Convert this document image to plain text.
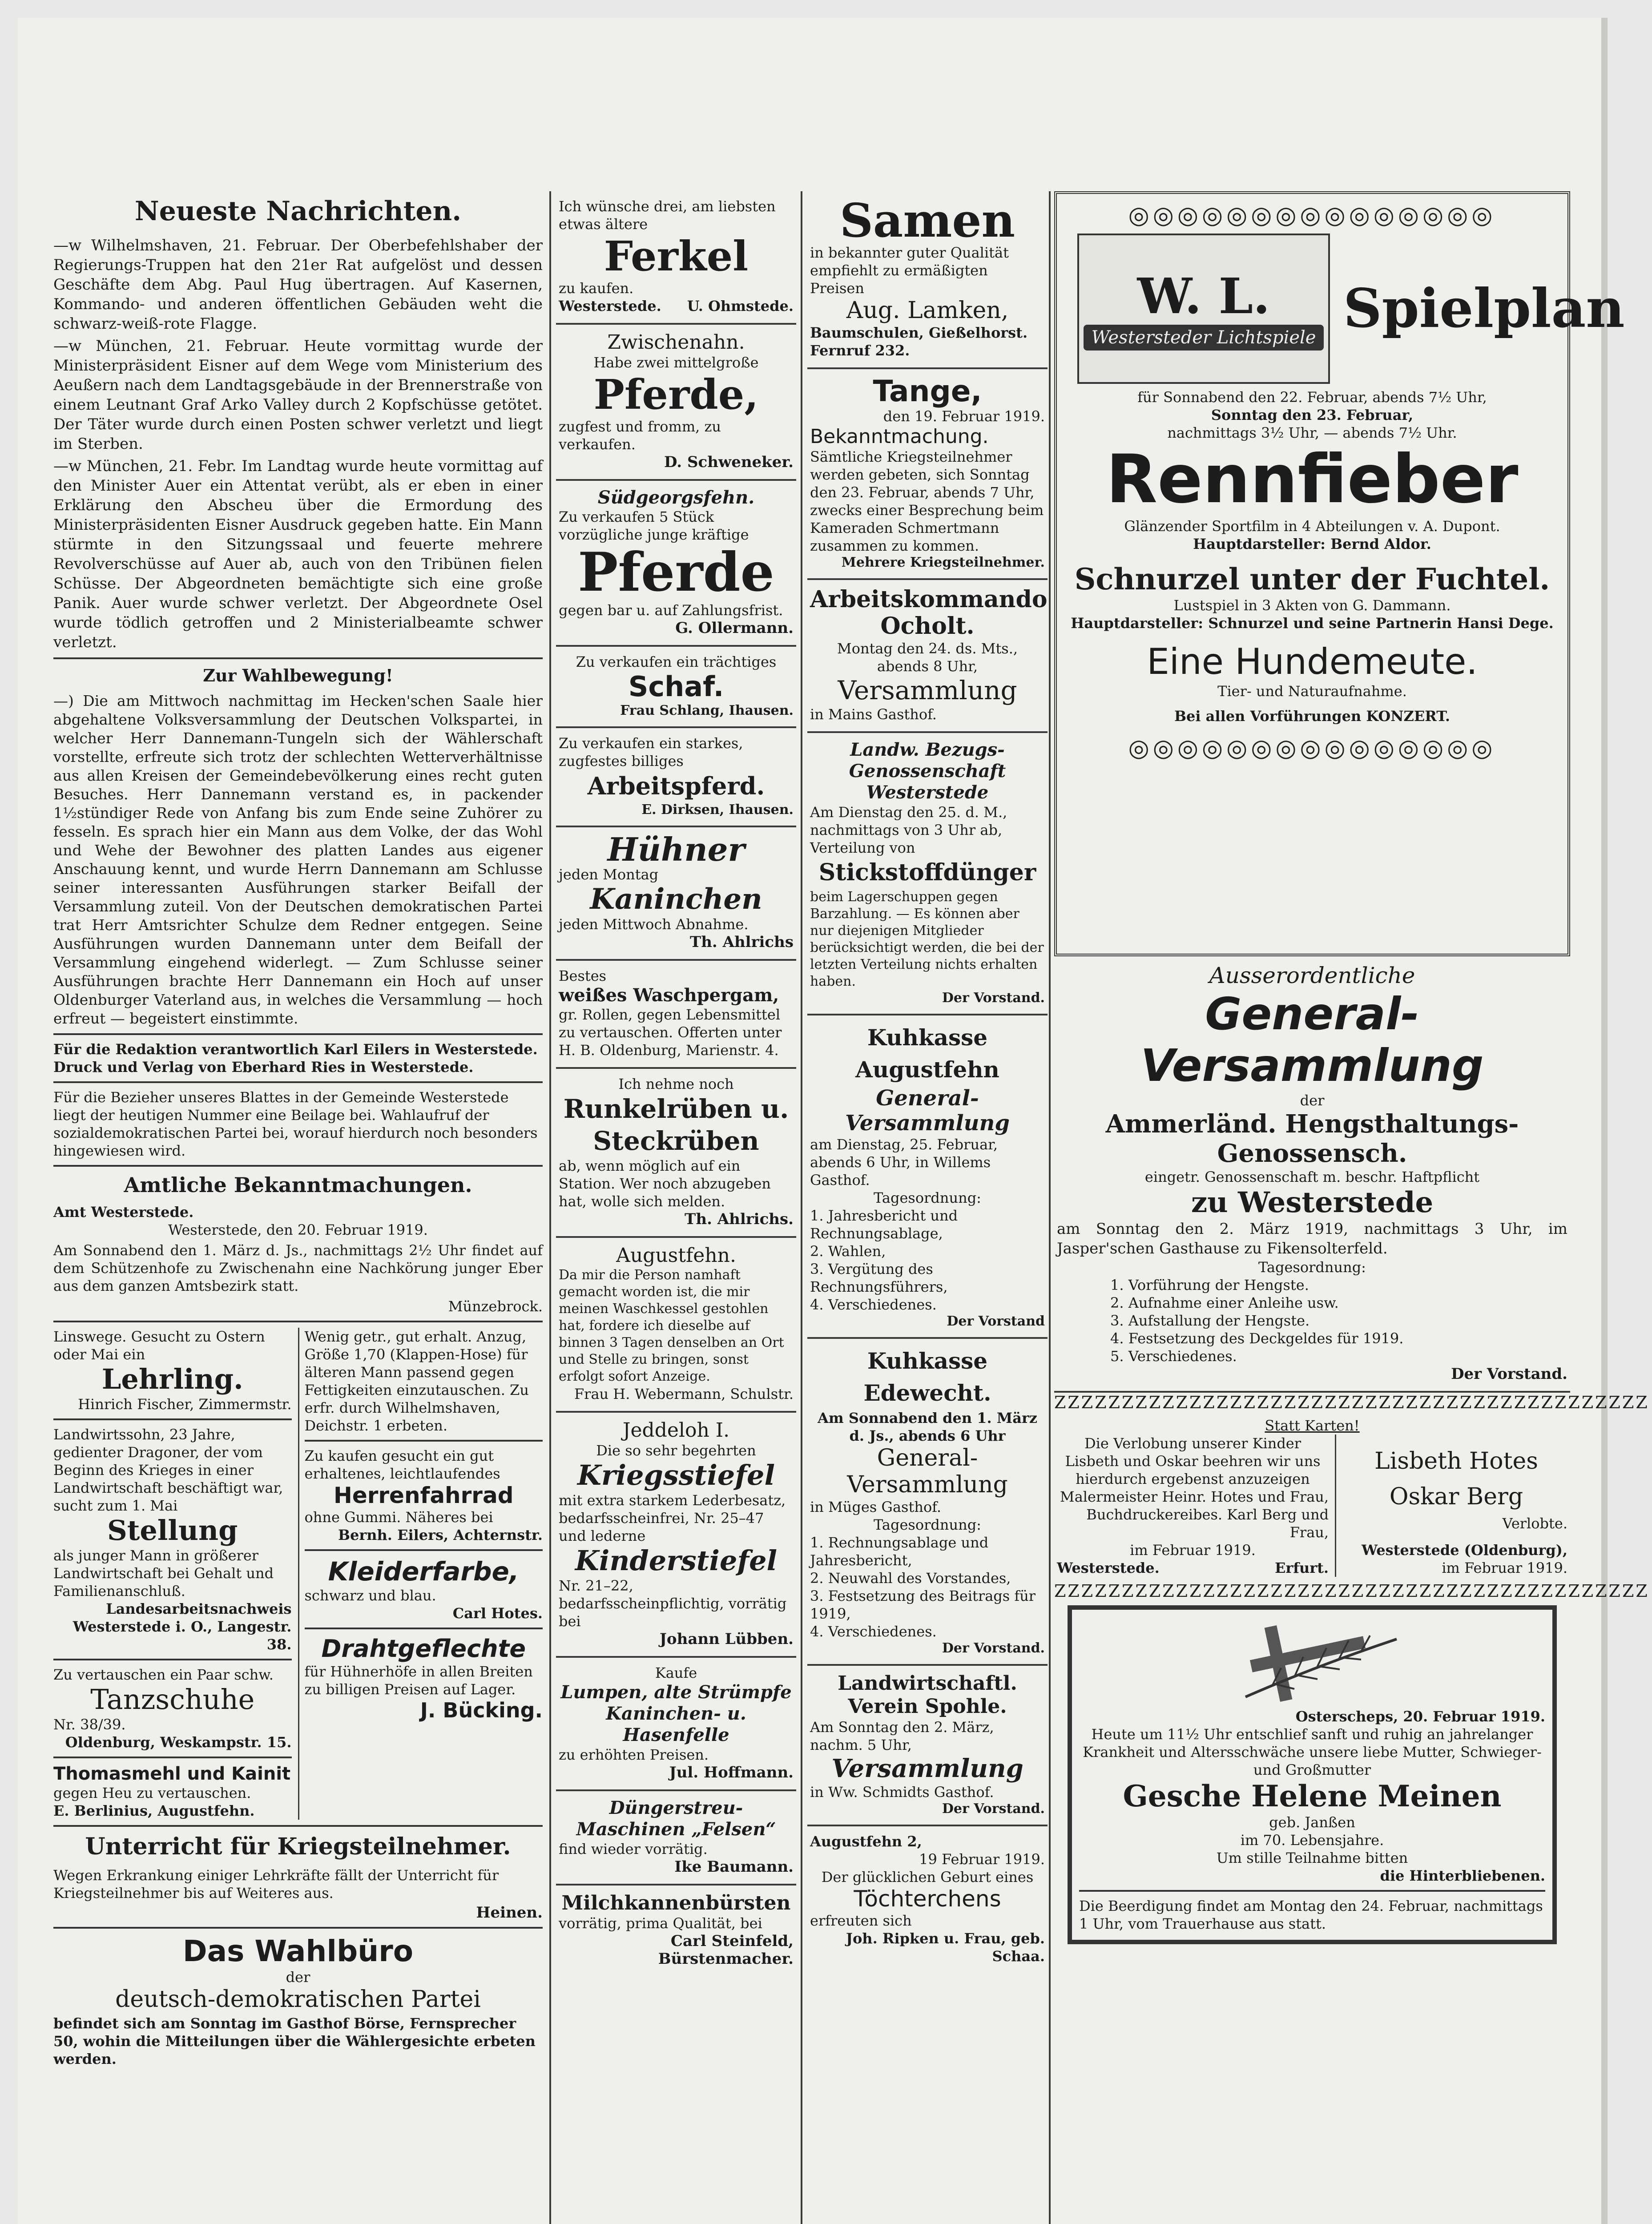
Neueste Nachrichten.

—w Wilhelmshaven, 21. Februar. Der Oberbefehlshaber der Regierungs-Truppen hat den 21er Rat aufgelöst und dessen Geschäfte dem Abg. Paul Hug übertragen. Auf Kasernen, Kommando- und anderen öffentlichen Gebäuden weht die schwarz-weiß-rote Flagge.

—w München, 21. Februar. Heute vormittag wurde der Ministerpräsident Eisner auf dem Wege vom Ministerium des Aeußern nach dem Landtagsgebäude in der Brennerstraße von einem Leutnant Graf Arko Valley durch 2 Kopfschüsse getötet. Der Täter wurde durch einen Posten schwer verletzt und liegt im Sterben.

—w München, 21. Febr. Im Landtag wurde heute vormittag auf den Minister Auer ein Attentat verübt, als er eben in einer Erklärung den Abscheu über die Ermordung des Ministerpräsidenten Eisner Ausdruck gegeben hatte. Ein Mann stürmte in den Sitzungssaal und feuerte mehrere Revolverschüsse auf Auer ab, auch von den Tribünen fielen Schüsse. Der Abgeordneten bemächtigte sich eine große Panik. Auer wurde schwer verletzt. Der Abgeordnete Osel wurde tödlich getroffen und 2 Ministerialbeamte schwer verletzt.

Zur Wahlbewegung!

—) Die am Mittwoch nachmittag im Hecken'schen Saale hier abgehaltene Volksversammlung der Deutschen Volkspartei, in welcher Herr Dannemann-Tungeln sich der Wählerschaft vorstellte, erfreute sich trotz der schlechten Wetterverhältnisse aus allen Kreisen der Gemeindebevölkerung eines recht guten Besuches. Herr Dannemann verstand es, in packender 1½stündiger Rede von Anfang bis zum Ende seine Zuhörer zu fesseln. Es sprach hier ein Mann aus dem Volke, der das Wohl und Wehe der Bewohner des platten Landes aus eigener Anschauung kennt, und wurde Herrn Dannemann am Schlusse seiner interessanten Ausführungen starker Beifall der Versammlung zuteil. Von der Deutschen demokratischen Partei trat Herr Amtsrichter Schulze dem Redner entgegen. Seine Ausführungen wurden Dannemann unter dem Beifall der Versammlung eingehend widerlegt. — Zum Schlusse seiner Ausführungen brachte Herr Dannemann ein Hoch auf unser Oldenburger Vaterland aus, in welches die Versammlung — hoch erfreut — begeistert einstimmte.

Für die Redaktion verantwortlich Karl Eilers in Westerstede.
Druck und Verlag von Eberhard Ries in Westerstede.

Für die Bezieher unseres Blattes in der Gemeinde Westerstede liegt der heutigen Nummer eine Beilage bei. Wahlaufruf der sozialdemokratischen Partei bei, worauf hierdurch noch besonders hingewiesen wird.

Amtliche Bekanntmachungen.
Amt Westerstede.
Westerstede, den 20. Februar 1919.

Am Sonnabend den 1. März d. Js., nachmittags 2½ Uhr findet auf dem Schützenhofe zu Zwischenahn eine Nachkörung junger Eber aus dem ganzen Amtsbezirk statt.

Münzebrock.
Linswege. Gesucht zu Ostern oder Mai ein
Lehrling.
Hinrich Fischer, Zimmermstr.
Landwirtssohn, 23 Jahre, gedienter Dragoner, der vom Beginn des Krieges in einer Landwirtschaft beschäftigt war, sucht zum 1. Mai
Stellung
als junger Mann in größerer Landwirtschaft bei Gehalt und Familienanschluß.
Landesarbeitsnachweis Westerstede i. O., Langestr. 38.
Zu vertauschen ein Paar schw.
Tanzschuhe
Nr. 38/39.
Oldenburg, Weskampstr. 15.
Thomasmehl und Kainit
gegen Heu zu vertauschen.
E. Berlinius, Augustfehn.

Wenig getr., gut erhalt. Anzug, Größe 1,70 (Klappen-Hose) für älteren Mann passend gegen Fettigkeiten einzutauschen. Zu erfr. durch Wilhelmshaven, Deichstr. 1 erbeten.

Zu kaufen gesucht ein gut erhaltenes, leichtlaufendes
Herrenfahrrad
ohne Gummi. Näheres bei
Bernh. Eilers, Achternstr.
Kleiderfarbe,
schwarz und blau.
Carl Hotes.
Drahtgeflechte
für Hühnerhöfe in allen Breiten zu billigen Preisen auf Lager.
J. Bücking.
Unterricht für Kriegsteilnehmer.

Wegen Erkrankung einiger Lehrkräfte fällt der Unterricht für Kriegsteilnehmer bis auf Weiteres aus.

Heinen.
Das Wahlbüro
der
deutsch-demokratischen Partei

befindet sich am Sonntag im Gasthof Börse, Fernsprecher 50, wohin die Mitteilungen über die Wählergesichte erbeten werden.

Ich wünsche drei, am liebsten etwas ältere
Ferkel
zu kaufen.
Westerstede. U. Ohmstede.
Zwischenahn.
Habe zwei mittelgroße
Pferde,
zugfest und fromm, zu verkaufen.
D. Schweneker.
Südgeorgsfehn.
Zu verkaufen 5 Stück vorzügliche junge kräftige
Pferde
gegen bar u. auf Zahlungsfrist.
G. Ollermann.
Zu verkaufen ein trächtiges
Schaf.
Frau Schlang, Ihausen.
Zu verkaufen ein starkes, zugfestes billiges
Arbeitspferd.
E. Dirksen, Ihausen.
Hühner
jeden Montag
Kaninchen
jeden Mittwoch Abnahme.
Th. Ahlrichs
Bestes
weißes Waschpergam,
gr. Rollen, gegen Lebensmittel zu vertauschen. Offerten unter H. B. Oldenburg, Marienstr. 4.
Ich nehme noch
Runkelrüben u. Steckrüben
ab, wenn möglich auf ein Station. Wer noch abzugeben hat, wolle sich melden.
Th. Ahlrichs.
Augustfehn.
Da mir die Person namhaft gemacht worden ist, die mir meinen Waschkessel gestohlen hat, fordere ich dieselbe auf binnen 3 Tagen denselben an Ort und Stelle zu bringen, sonst erfolgt sofort Anzeige.
Frau H. Webermann, Schulstr.
Jeddeloh I.
Die so sehr begehrten
Kriegsstiefel
mit extra starkem Lederbesatz, bedarfsscheinfrei, Nr. 25–47 und lederne
Kinderstiefel
Nr. 21–22, bedarfsscheinpflichtig, vorrätig bei
Johann Lübben.
Kaufe
Lumpen, alte Strümpfe Kaninchen- u. Hasenfelle
zu erhöhten Preisen.
Jul. Hoffmann.
Düngerstreu-Maschinen „Felsen“
find wieder vorrätig.
Ike Baumann.
Milchkannenbürsten
vorrätig, prima Qualität, bei
Carl Steinfeld, Bürstenmacher.
Samen
in bekannter guter Qualität empfiehlt zu ermäßigten Preisen
Aug. Lamken,
Baumschulen, Gießelhorst. Fernruf 232.
Tange,
den 19. Februar 1919.
Bekanntmachung.
Sämtliche Kriegsteilnehmer werden gebeten, sich Sonntag den 23. Februar, abends 7 Uhr, zwecks einer Besprechung beim Kameraden Schmertmann zusammen zu kommen.
Mehrere Kriegsteilnehmer.
Arbeitskommando Ocholt.
Montag den 24. ds. Mts., abends 8 Uhr,
Versammlung
in Mains Gasthof.
Landw. Bezugs-Genossenschaft Westerstede
Am Dienstag den 25. d. M., nachmittags von 3 Uhr ab, Verteilung von
Stickstoffdünger
beim Lagerschuppen gegen Barzahlung. — Es können aber nur diejenigen Mitglieder berücksichtigt werden, die bei der letzten Verteilung nichts erhalten haben.
Der Vorstand.
Kuhkasse Augustfehn
General-Versammlung
am Dienstag, 25. Februar, abends 6 Uhr, in Willems Gasthof.
Tagesordnung:
1. Jahresbericht und Rechnungsablage,
2. Wahlen,
3. Vergütung des Rechnungsführers,
4. Verschiedenes.
Der Vorstand
Kuhkasse Edewecht.
Am Sonnabend den 1. März d. Js., abends 6 Uhr
General-Versammlung
in Müges Gasthof.
Tagesordnung:
1. Rechnungsablage und Jahresbericht,
2. Neuwahl des Vorstandes,
3. Festsetzung des Beitrags für 1919,
4. Verschiedenes.
Der Vorstand.
Landwirtschaftl. Verein Spohle.
Am Sonntag den 2. März, nachm. 5 Uhr,
Versammlung
in Ww. Schmidts Gasthof.
Der Vorstand.
Augustfehn 2,
19 Februar 1919.
Der glücklichen Geburt eines
Töchterchens
erfreuten sich
Joh. Ripken u. Frau, geb. Schaa.
◎◎◎◎◎◎◎◎◎◎◎◎◎◎◎
W. L.
Westersteder Lichtspiele Spielplan
für Sonnabend den 22. Februar, abends 7½ Uhr,
Sonntag den 23. Februar,
nachmittags 3½ Uhr, — abends 7½ Uhr.
Rennfieber
Glänzender Sportfilm in 4 Abteilungen v. A. Dupont.
Hauptdarsteller: Bernd Aldor.
Schnurzel unter der Fuchtel.
Lustspiel in 3 Akten von G. Dammann.
Hauptdarsteller: Schnurzel und seine Partnerin Hansi Dege.
Eine Hundemeute.
Tier- und Naturaufnahme.
Bei allen Vorführungen KONZERT.
◎◎◎◎◎◎◎◎◎◎◎◎◎◎◎
Ausserordentliche
General-Versammlung
der
Ammerländ. Hengsthaltungs-Genossensch.
eingetr. Genossenschaft m. beschr. Haftpflicht
zu Westerstede
am Sonntag den 2. März 1919, nachmittags 3 Uhr, im Jasper'schen Gasthause zu Fikensolterfeld.
Tagesordnung:
1. Vorführung der Hengste.
2. Aufnahme einer Anleihe usw.
3. Aufstallung der Hengste.
4. Festsetzung des Deckgeldes für 1919.
5. Verschiedenes.
Der Vorstand.
ZZZZZZZZZZZZZZZZZZZZZZZZZZZZZZZZZZZZZZZZZZZZ
Statt Karten!
Die Verlobung unserer Kinder Lisbeth und Oskar beehren wir uns hierdurch ergebenst anzuzeigen
Malermeister Heinr. Hotes und Frau,
Buchdruckereibes. Karl Berg und Frau,
im Februar 1919.
Westerstede.	Erfurt.
Lisbeth Hotes
Oskar Berg
Verlobte.
Westerstede (Oldenburg),
im Februar 1919.
ZZZZZZZZZZZZZZZZZZZZZZZZZZZZZZZZZZZZZZZZZZZZ
Osterscheps, 20. Februar 1919.
Heute um 11½ Uhr entschlief sanft und ruhig an jahrelanger Krankheit und Altersschwäche unsere liebe Mutter, Schwieger- und Großmutter
Gesche Helene Meinen
geb. Janßen
im 70. Lebensjahre.
Um stille Teilnahme bitten
die Hinterbliebenen.
Die Beerdigung findet am Montag den 24. Februar, nachmittags 1 Uhr, vom Trauerhause aus statt.
